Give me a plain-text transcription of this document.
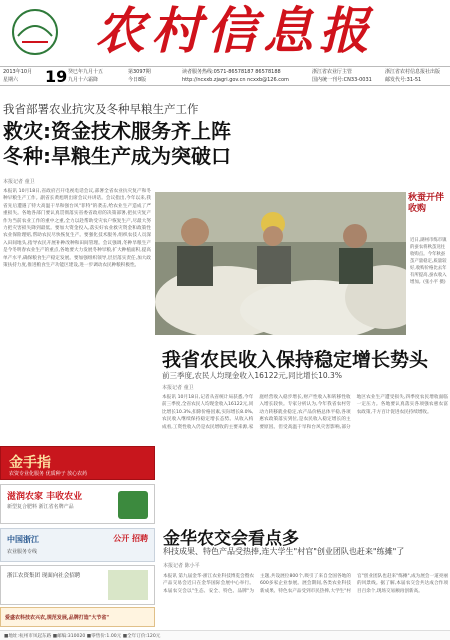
农村信息报
2013年10月 19
星期六
癸巳年九月十五
九月十六霜降
第3097期
今日8版
读者服务热线:0571-86578187 86578188
http://ncxxb.zjagri.gov.cn ncxxb@126.com
浙江省农业厅主管
国内统一刊号:CN33-0031
浙江省农村信息报社出版
邮发代号:31-51
我省部署农业抗灾及冬种早粮生产工作
救灾:资金技术服务齐上阵
冬种:旱粮生产成为突破口
本报记者 童卫
本报讯 10月18日,省政府召开电视电话会议,部署全省农业抗灾复产和冬种早粮生产工作。副省长黄旭明出席会议并讲话。会议指出,今年以来,我省先后遭遇了特大高温干旱和强台风"菲特"的袭击,给农业生产造成了严重损失。各地各部门要认真贯彻落实省委省政府的决策部署,把抗灾复产作为当前农业工作的重中之重,全力以赴帮助受灾农户恢复生产,尽最大努力把灾害损失降到最低。要加大资金投入,落实好农业救灾资金和政策性农业保险理赔,帮助农民尽快恢复生产。要强化技术服务,组织农技人员深入田间地头,指导农民开展补种改种和田间管理。会议强调,冬种旱粮生产是今冬明春农业生产的重点,各地要大力发展冬种旱粮,扩大种植面积,提高单产水平,确保粮食生产稳定发展。要加强组织领导,层层落实责任,加大政策扶持力度,推进粮食生产功能区建设,进一步调动农民种粮积极性。
秋蚕开伴收购
近日,湖州市练市镇的蚕农将秋茧送往收购点。今年秋蚕茧产量稳定,质量较好,收购价格比去年有所提高,蚕农收入增加。(张小平 摄)
我省农民收入保持稳定增长势头
前三季度,农民人均现金收入16122元,同比增长10.3%
本报记者 童卫
本报讯 10月18日,记者从省统计局获悉,今年前三季度,全省农民人均现金收入16122元,同比增长10.3%,扣除价格因素,实际增长8.0%,农民收入继续保持稳定增长态势。从收入构成看,工资性收入仍是农民增收的主要来源,家庭经营收入稳步增长,财产性收入和转移性收入增长较快。专家分析认为,今年我省农村劳动力转移就业稳定,农产品价格总体平稳,各项惠农政策落实到位,是农民收入稳定增长的主要原因。但受高温干旱和台风灾害影响,部分地区农业生产遭受损失,四季度农民增收面临一定压力。各地要认真落实各项强农惠农富农政策,千方百计促进农民持续增收。
金华农交会看点多
科技成果、特色产品受热捧,连大学生"村官"创业团队也赶来"练摊"了
本报记者 陈小平
本报讯 第九届金华·浙江农业科技博览会暨农产品交易会近日在金华国际会展中心举行。本届农交会以"生态、安全、特色、品牌"为主题,共设展位800个,吸引了来自全国各地的600多家企业参展。展会期间,各类农业科技新成果、特色农产品受到市民热捧,大学生"村官"创业团队也赶来"练摊",成为展会一道亮丽的风景线。据了解,本届农交会共达成合作项目百余个,现场交易额再创新高。
金手指
农资专业化服务 优质种子 放心农药
滋润农家 丰收农业
新型复合肥料 浙江省名牌产品
中国浙江
农业服务专线
公开 招聘
浙江农资集团 现面向社会招聘
爱盛农科技农兴农,规范发展,品牌打造"大节省"
■地址:杭州市凤起东路 ■邮编:310020 ■零售价:1.00元 ■全年订价:120元
